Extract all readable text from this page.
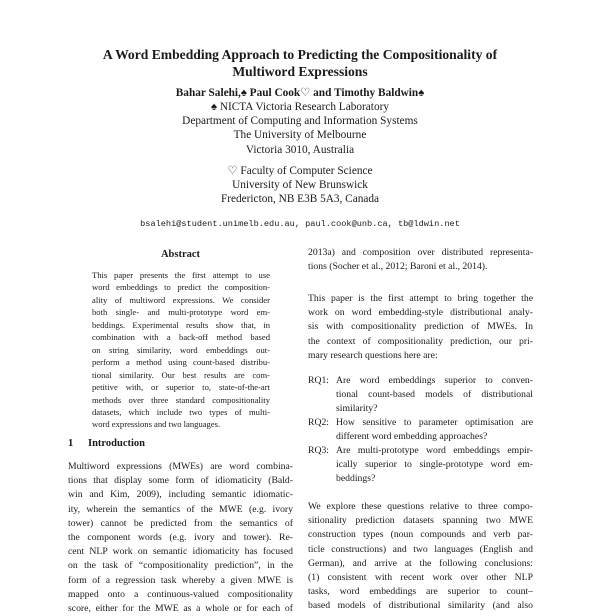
A Word Embedding Approach to Predicting the Compositionality of
Multiword Expressions
Bahar Salehi,♠ Paul Cook♡ and Timothy Baldwin♠
♠ NICTA Victoria Research Laboratory
Department of Computing and Information Systems
The University of Melbourne
Victoria 3010, Australia
♡ Faculty of Computer Science
University of New Brunswick
Fredericton, NB E3B 5A3, Canada
bsalehi@student.unimelb.edu.au, paul.cook@unb.ca, tb@ldwin.net
Abstract
This paper presents the first attempt to use
word embeddings to predict the composition-
ality of multiword expressions. We consider
both single- and multi-prototype word em-
beddings. Experimental results show that, in
combination with a back-off method based
on string similarity, word embeddings out-
perform a method using count-based distribu-
tional similarity. Our best results are com-
petitive with, or superior to, state-of-the-art
methods over three standard compositionality
datasets, which include two types of multi-
word expressions and two languages.
1 Introduction
Multiword expressions (MWEs) are word combina-
tions that display some form of idiomaticity (Bald-
win and Kim, 2009), including semantic idiomatic-
ity, wherein the semantics of the MWE (e.g. ivory
tower) cannot be predicted from the semantics of
the component words (e.g. ivory and tower). Re-
cent NLP work on semantic idiomaticity has focused
on the task of “compositionality prediction”, in the
form of a regression task whereby a given MWE is
mapped onto a continuous-valued compositionality
score, either for the MWE as a whole or for each of
2013a) and composition over distributed representa-
tions (Socher et al., 2012; Baroni et al., 2014).
This paper is the first attempt to bring together the
work on word embedding-style distributional analy-
sis with compositionality prediction of MWEs. In
the context of compositionality prediction, our pri-
mary research questions here are:
RQ1: Are word embeddings superior to conven-
tional count-based models of distributional
similarity?
RQ2: How sensitive to parameter optimisation are
different word embedding approaches?
RQ3: Are multi-prototype word embeddings empir-
ically superior to single-prototype word em-
beddings?
We explore these questions relative to three compo-
sitionality prediction datasets spanning two MWE
construction types (noun compounds and verb par-
ticle constructions) and two languages (English and
German), and arrive at the following conclusions:
(1) consistent with recent work over other NLP
tasks, word embeddings are superior to count–
based models of distributional similarity (and also
